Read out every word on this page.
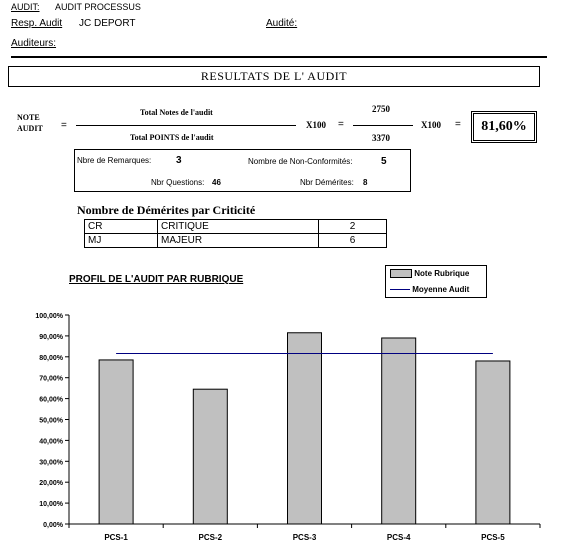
AUDIT: AUDIT PROCESSUS
Resp. Audit JC DEPORT	Audité:
Auditeurs:
RESULTATS DE L' AUDIT
NOTE
AUDIT =
Total Notes de l'audit
Total POINTS de l'audit
X100 =
2750
3370
X100 =	81,60%
Nbre de Remarques: 3	Nombre de Non-Conformités:	5
Nbr Questions: 46	Nbr Démérites: 8
Nombre de Démérites par Criticité
CR	CRITIQUE	2
MJ	MAJEUR	6
PROFIL DE L'AUDIT PAR RUBRIQUE
Note Rubrique
Moyenne Audit
0,00%
10,00%
20,00%
30,00%
40,00%
50,00%
60,00%
70,00%
80,00%
90,00%
100,00%
PCS-1	PCS-2	PCS-3	PCS-4	PCS-5
